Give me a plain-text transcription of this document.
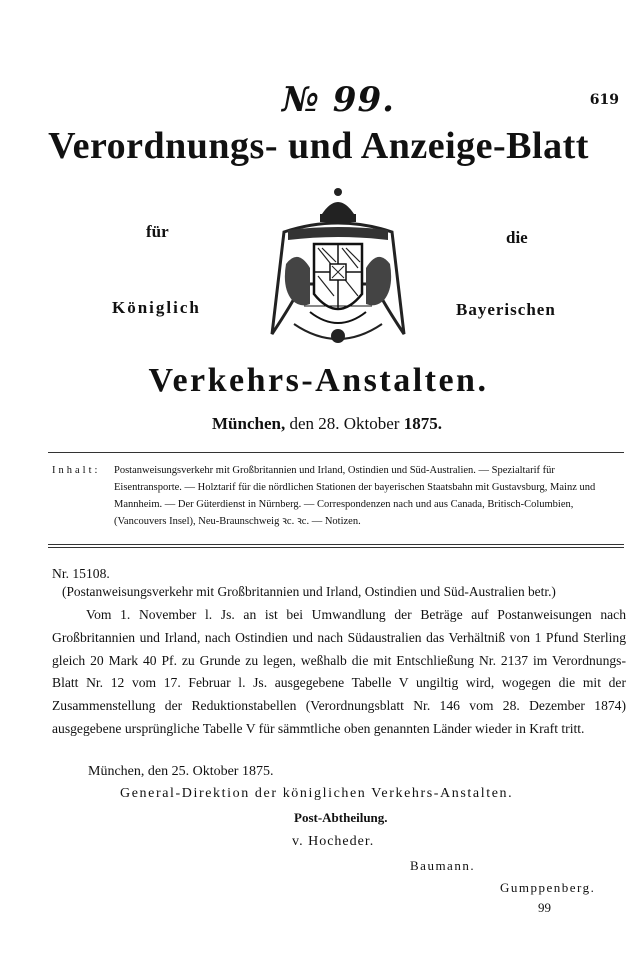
№ 99.	619
Verordnungs- und Anzeige-Blatt
für	die
Königlich	Bayerischen
Verkehrs-Anstalten.
München, den 28. Oktober 1875.
Inhalt: Postanweisungsverkehr mit Großbritannien und Irland, Ostindien und Süd-Australien. — Spezialtarif für Eisentransporte. — Holztarif für die nördlichen Stationen der bayerischen Staatsbahn mit Gustavsburg, Mainz und Mannheim. — Der Güterdienst in Nürnberg. — Correspondenzen nach und aus Canada, Britisch-Columbien, (Vancouvers Insel), Neu-Braunschweig ꝛc. ꝛc. — Notizen.
Nr. 15108.
(Postanweisungsverkehr mit Großbritannien und Irland, Ostindien und Süd-Australien betr.)
Vom 1. November l. Js. an ist bei Umwandlung der Beträge auf Postanweisungen nach Großbritannien und Irland, nach Ostindien und nach Südaustralien das Verhältniß von 1 Pfund Sterling gleich 20 Mark 40 Pf. zu Grunde zu legen, weßhalb die mit Entschließung Nr. 2137 im Verordnungs-Blatt Nr. 12 vom 17. Februar l. Js. ausgegebene Tabelle V ungiltig wird, wogegen die mit der Zusammenstellung der Reduktionstabellen (Verordnungsblatt Nr. 146 vom 28. Dezember 1874) ausgegebene ursprüngliche Tabelle V für sämmtliche oben genannten Länder wieder in Kraft tritt.
München, den 25. Oktober 1875.
General-Direktion der königlichen Verkehrs-Anstalten.
Post-Abtheilung.
v. Hocheder.
Baumann.
Gumppenberg.
99
